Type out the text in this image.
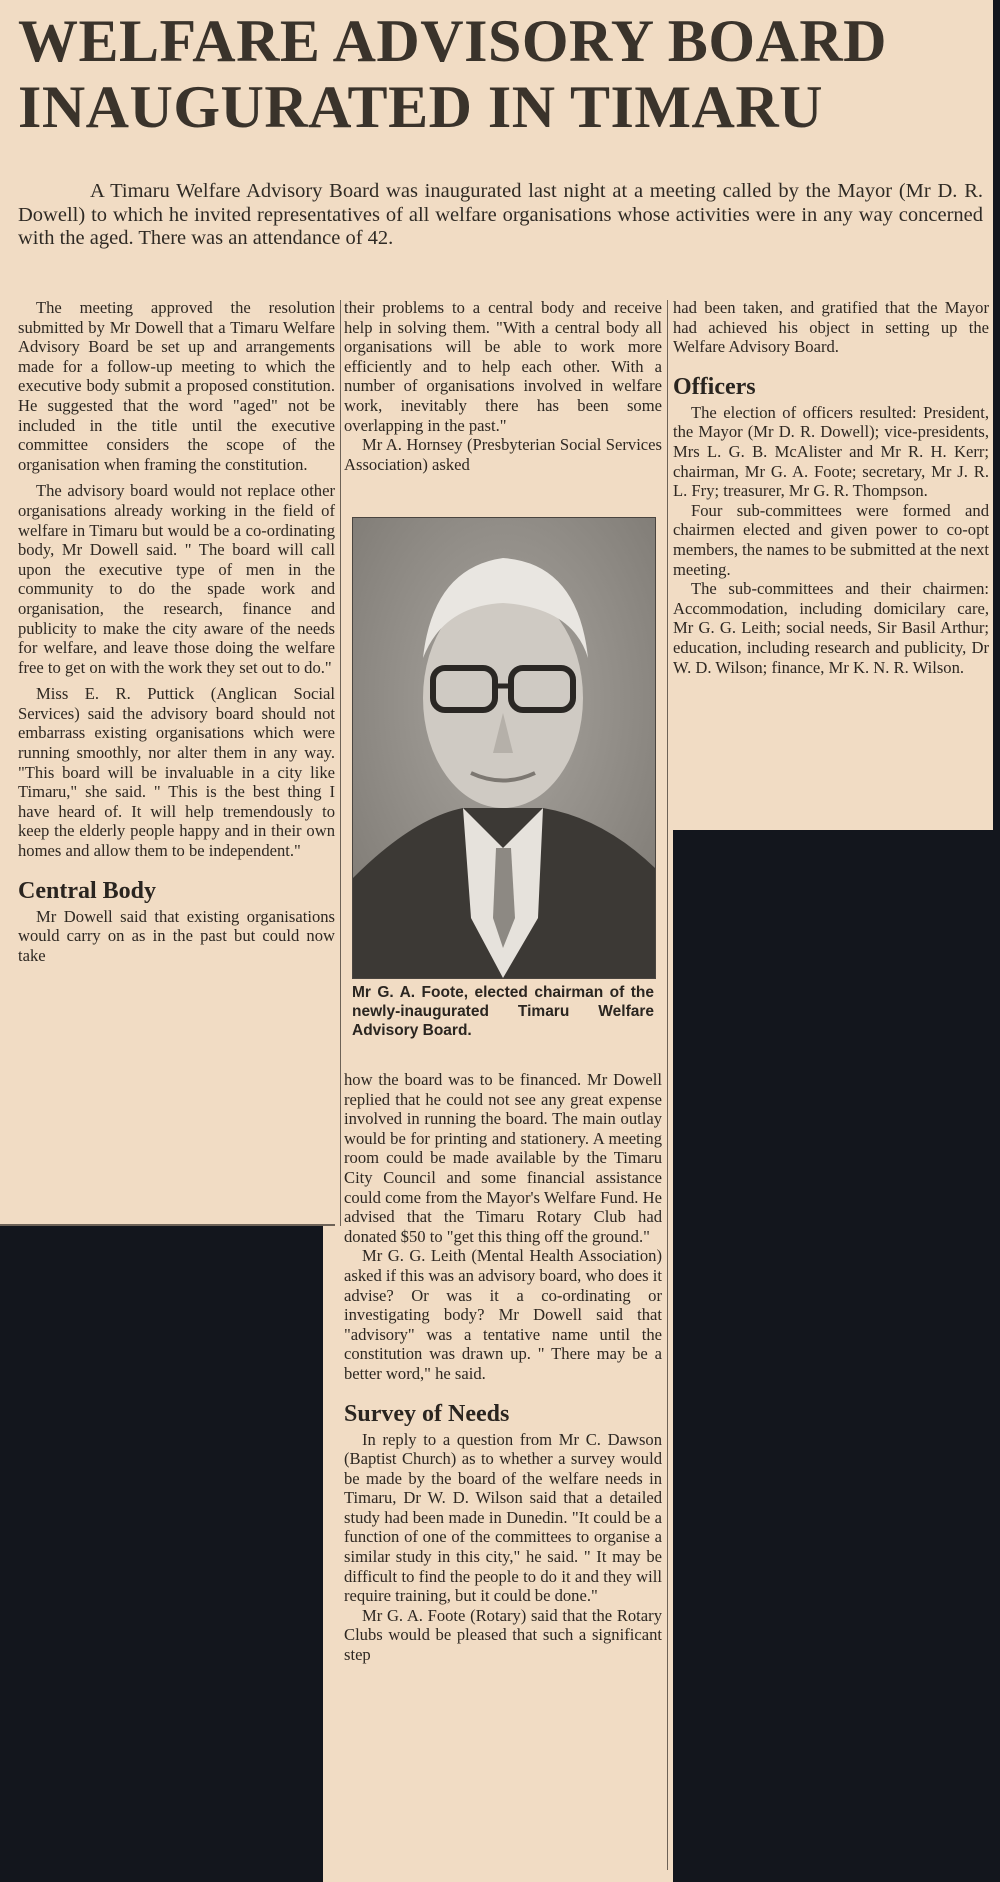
WELFARE ADVISORY BOARD
INAUGURATED IN TIMARU

A Timaru Welfare Advisory Board was inaugurated last night at a meeting called by the Mayor (Mr D. R. Dowell) to which he invited representatives of all welfare organisations whose activities were in any way concerned with the aged. There was an attendance of 42.

The meeting approved the resolution submitted by Mr Dowell that a Timaru Welfare Advisory Board be set up and arrangements made for a follow-up meeting to which the executive body submit a proposed constitution. He suggested that the word "aged" not be included in the title until the executive committee considers the scope of the organisation when framing the constitution.

The advisory board would not replace other organisations already working in the field of welfare in Timaru but would be a co-ordinating body, Mr Dowell said. " The board will call upon the executive type of men in the community to do the spade work and organisation, the research, finance and publicity to make the city aware of the needs for welfare, and leave those doing the welfare free to get on with the work they set out to do."

Miss E. R. Puttick (Anglican Social Services) said the advisory board should not embarrass existing organisations which were running smoothly, nor alter them in any way. "This board will be invaluable in a city like Timaru," she said. " This is the best thing I have heard of. It will help tremendously to keep the elderly people happy and in their own homes and allow them to be independent."

Central Body

Mr Dowell said that existing organisations would carry on as in the past but could now take

their problems to a central body and receive help in solving them. "With a central body all organisations will be able to work more efficiently and to help each other. With a number of organisations involved in welfare work, inevitably there has been some overlapping in the past."

Mr A. Hornsey (Presbyterian Social Services Association) asked

Mr G. A. Foote, elected chairman of the newly-inaugurated Timaru Welfare Advisory Board.

how the board was to be financed. Mr Dowell replied that he could not see any great expense involved in running the board. The main outlay would be for printing and stationery. A meeting room could be made available by the Timaru City Council and some financial assistance could come from the Mayor's Welfare Fund. He advised that the Timaru Rotary Club had donated $50 to "get this thing off the ground."

Mr G. G. Leith (Mental Health Association) asked if this was an advisory board, who does it advise? Or was it a co-ordinating or investigating body? Mr Dowell said that "advisory" was a tentative name until the constitution was drawn up. " There may be a better word," he said.

Survey of Needs

In reply to a question from Mr C. Dawson (Baptist Church) as to whether a survey would be made by the board of the welfare needs in Timaru, Dr W. D. Wilson said that a detailed study had been made in Dunedin. "It could be a function of one of the committees to organise a similar study in this city," he said. " It may be difficult to find the people to do it and they will require training, but it could be done."

Mr G. A. Foote (Rotary) said that the Rotary Clubs would be pleased that such a significant step

had been taken, and gratified that the Mayor had achieved his object in setting up the Welfare Advisory Board.

Officers

The election of officers resulted: President, the Mayor (Mr D. R. Dowell); vice-presidents, Mrs L. G. B. McAlister and Mr R. H. Kerr; chairman, Mr G. A. Foote; secretary, Mr J. R. L. Fry; treasurer, Mr G. R. Thompson.

Four sub-committees were formed and chairmen elected and given power to co-opt members, the names to be submitted at the next meeting.

The sub-committees and their chairmen: Accommodation, including domicilary care, Mr G. G. Leith; social needs, Sir Basil Arthur; education, including research and publicity, Dr W. D. Wilson; finance, Mr K. N. R. Wilson.
